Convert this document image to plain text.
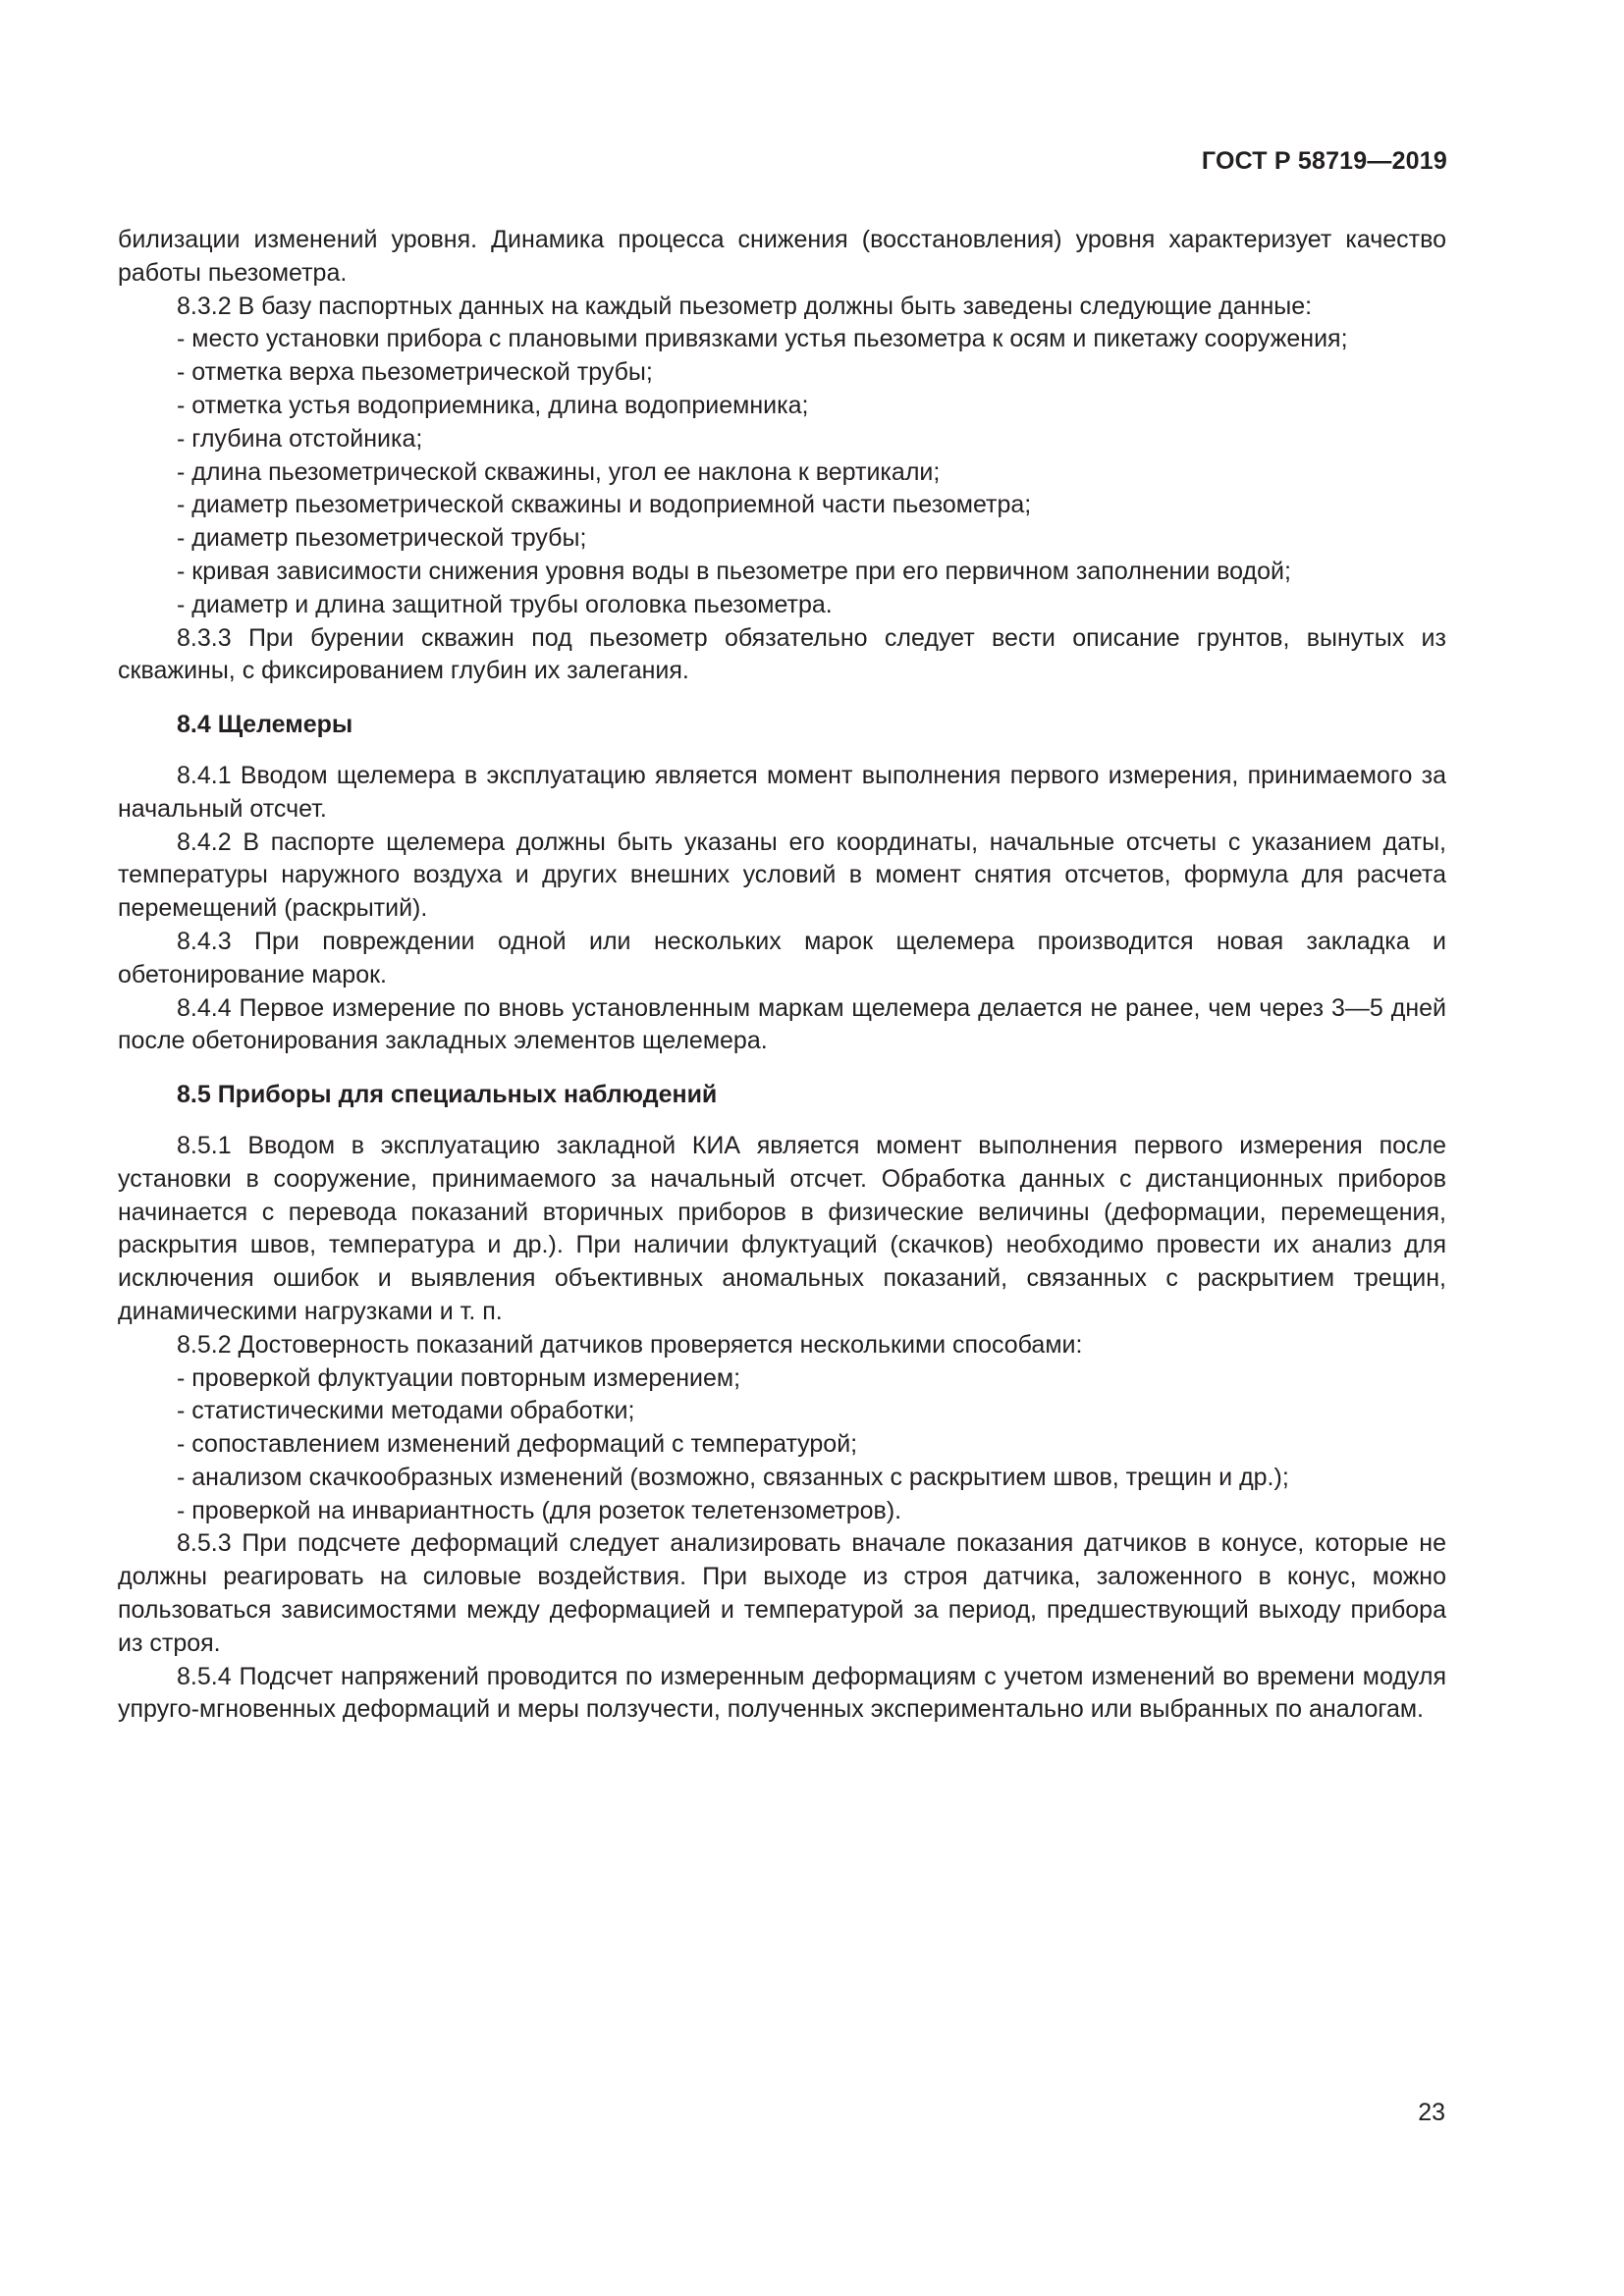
ГОСТ Р 58719—2019

билизации изменений уровня. Динамика процесса снижения (восстановления) уровня характеризует качество работы пьезометра.

8.3.2 В базу паспортных данных на каждый пьезометр должны быть заведены следующие данные:

- место установки прибора с плановыми привязками устья пьезометра к осям и пикетажу сооружения;

- отметка верха пьезометрической трубы;

- отметка устья водоприемника, длина водоприемника;

- глубина отстойника;

- длина пьезометрической скважины, угол ее наклона к вертикали;

- диаметр пьезометрической скважины и водоприемной части пьезометра;

- диаметр пьезометрической трубы;

- кривая зависимости снижения уровня воды в пьезометре при его первичном заполнении водой;

- диаметр и длина защитной трубы оголовка пьезометра.

8.3.3 При бурении скважин под пьезометр обязательно следует вести описание грунтов, вынутых из скважины, с фиксированием глубин их залегания.

8.4 Щелемеры

8.4.1 Вводом щелемера в эксплуатацию является момент выполнения первого измерения, принимаемого за начальный отсчет.

8.4.2 В паспорте щелемера должны быть указаны его координаты, начальные отсчеты с указанием даты, температуры наружного воздуха и других внешних условий в момент снятия отсчетов, формула для расчета перемещений (раскрытий).

8.4.3 При повреждении одной или нескольких марок щелемера производится новая закладка и обетонирование марок.

8.4.4 Первое измерение по вновь установленным маркам щелемера делается не ранее, чем через 3—5 дней после обетонирования закладных элементов щелемера.

8.5 Приборы для специальных наблюдений

8.5.1 Вводом в эксплуатацию закладной КИА является момент выполнения первого измерения после установки в сооружение, принимаемого за начальный отсчет. Обработка данных с дистанционных приборов начинается с перевода показаний вторичных приборов в физические величины (деформации, перемещения, раскрытия швов, температура и др.). При наличии флуктуаций (скачков) необходимо провести их анализ для исключения ошибок и выявления объективных аномальных показаний, связанных с раскрытием трещин, динамическими нагрузками и т. п.

8.5.2 Достоверность показаний датчиков проверяется несколькими способами:

- проверкой флуктуации повторным измерением;

- статистическими методами обработки;

- сопоставлением изменений деформаций с температурой;

- анализом скачкообразных изменений (возможно, связанных с раскрытием швов, трещин и др.);

- проверкой на инвариантность (для розеток телетензометров).

8.5.3 При подсчете деформаций следует анализировать вначале показания датчиков в конусе, которые не должны реагировать на силовые воздействия. При выходе из строя датчика, заложенного в конус, можно пользоваться зависимостями между деформацией и температурой за период, предшествующий выходу прибора из строя.

8.5.4 Подсчет напряжений проводится по измеренным деформациям с учетом изменений во времени модуля упруго-мгновенных деформаций и меры ползучести, полученных экспериментально или выбранных по аналогам.

23
